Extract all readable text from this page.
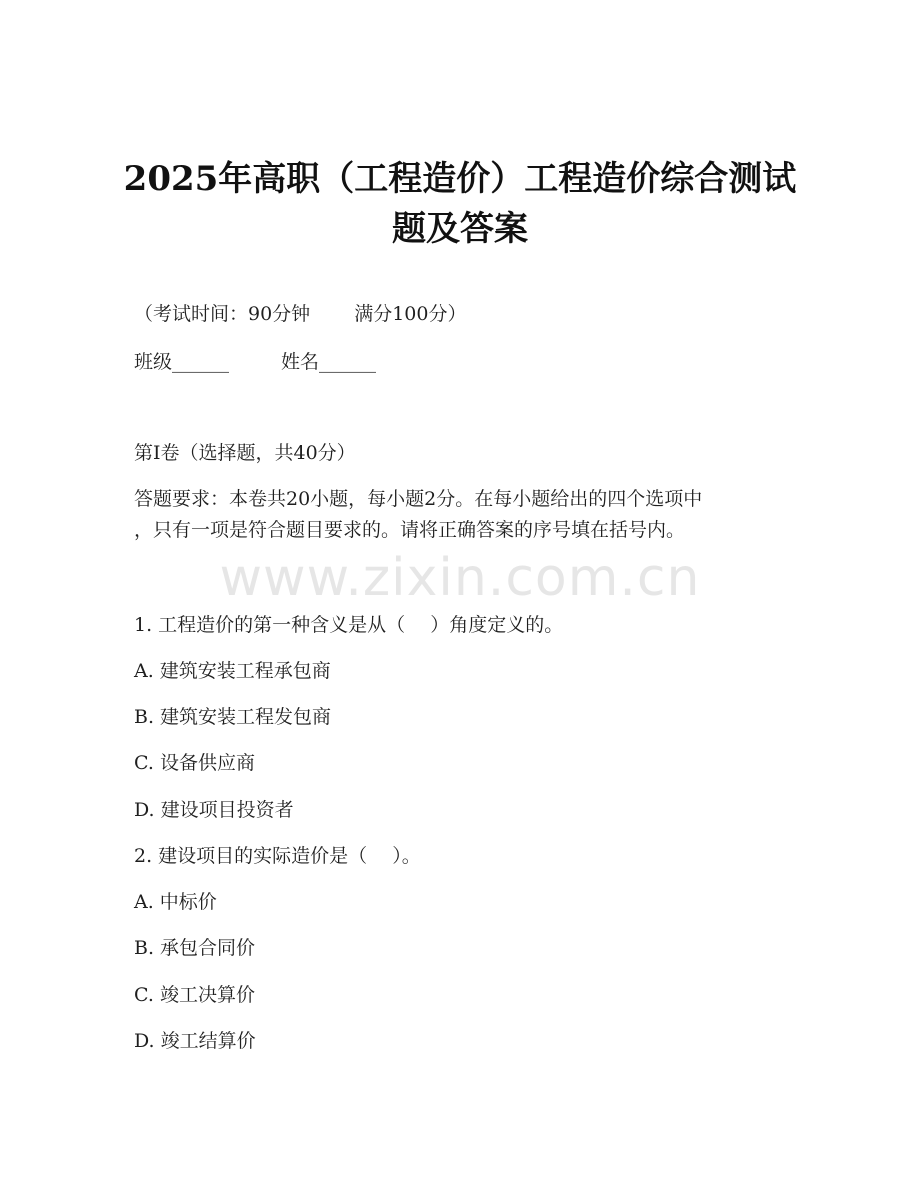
2025年高职（工程造价）工程造价综合测试
题及答案
（考试时间：90分钟 满分100分）
班级______	姓名______
第I卷（选择题，共40分）
答题要求：本卷共20小题，每小题2分。在每小题给出的四个选项中
，只有一项是符合题目要求的。请将正确答案的序号填在括号内。
www.zixin.com.cn
1. 工程造价的第一种含义是从（　 ）角度定义的。
A. 建筑安装工程承包商
B. 建筑安装工程发包商
C. 设备供应商
D. 建设项目投资者
2. 建设项目的实际造价是（　 ）。
A. 中标价
B. 承包合同价
C. 竣工决算价
D. 竣工结算价
